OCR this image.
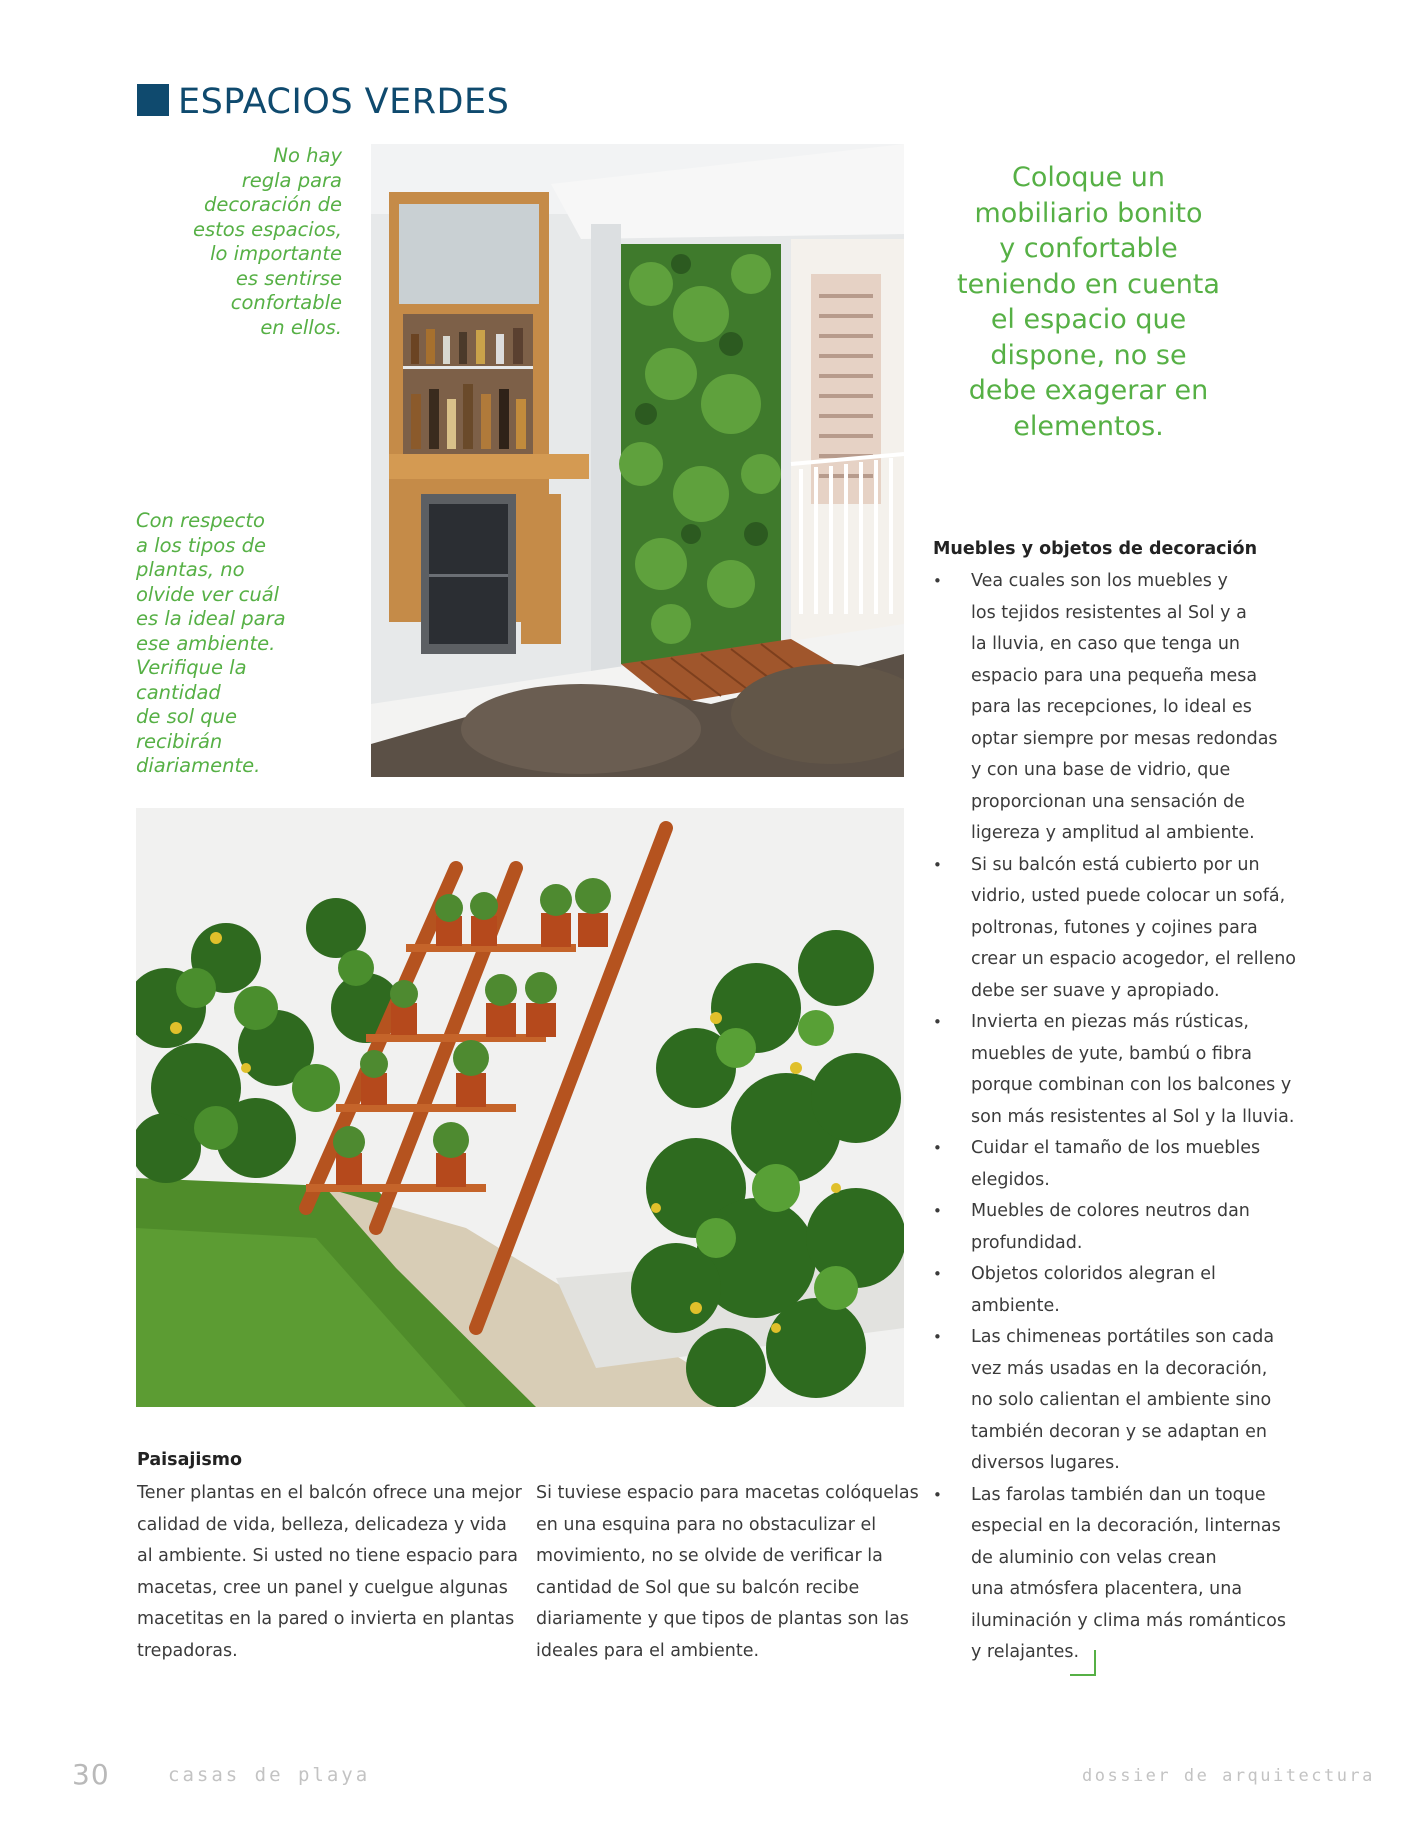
ESPACIOS VERDES
No hay
regla para
decoración de
estos espacios,
lo importante
es sentirse
confortable
en ellos.
Con respecto
a los tipos de
plantas, no
olvide ver cuál
es la ideal para
ese ambiente.
Verifique la
cantidad
de sol que
recibirán
diariamente.
Coloque un
mobiliario bonito
y confortable
teniendo en cuenta
el espacio que
dispone, no se
debe exagerar en
elementos.
Paisajismo
Tener plantas en el balcón ofrece una mejor
calidad de vida, belleza, delicadeza y vida
al ambiente. Si usted no tiene espacio para
macetas, cree un panel y cuelgue algunas
macetitas en la pared o invierta en plantas
trepadoras.
Si tuviese espacio para macetas colóquelas
en una esquina para no obstaculizar el
movimiento, no se olvide de verificar la
cantidad de Sol que su balcón recibe
diariamente y que tipos de plantas son las
ideales para el ambiente.
Muebles y objetos de decoración
• Vea cuales son los muebles y
los tejidos resistentes al Sol y a
la lluvia, en caso que tenga un
espacio para una pequeña mesa
para las recepciones, lo ideal es
optar siempre por mesas redondas
y con una base de vidrio, que
proporcionan una sensación de
ligereza y amplitud al ambiente.
• Si su balcón está cubierto por un
vidrio, usted puede colocar un sofá,
poltronas, futones y cojines para
crear un espacio acogedor, el relleno
debe ser suave y apropiado.
• Invierta en piezas más rústicas,
muebles de yute, bambú o fibra
porque combinan con los balcones y
son más resistentes al Sol y la lluvia.
• Cuidar el tamaño de los muebles
elegidos.
• Muebles de colores neutros dan
profundidad.
• Objetos coloridos alegran el
ambiente.
• Las chimeneas portátiles son cada
vez más usadas en la decoración,
no solo calientan el ambiente sino
también decoran y se adaptan en
diversos lugares.
• Las farolas también dan un toque
especial en la decoración, linternas
de aluminio con velas crean
una atmósfera placentera, una
iluminación y clima más románticos
y relajantes.
30	casas de playa	dossier de arquitectura
